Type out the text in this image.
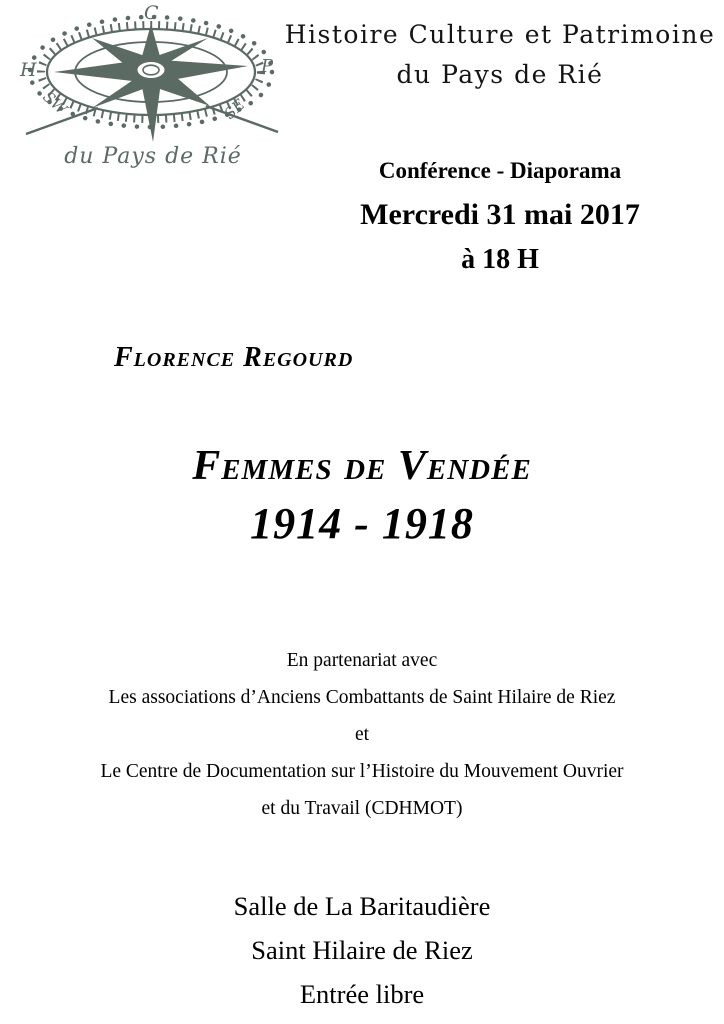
C
H	P
SW	SE
du Pays de Rié
Histoire Culture et Patrimoine
du Pays de Rié
Conférence - Diaporama
Mercredi 31 mai 2017
à 18 H
Florence Regourd
Femmes de Vendée
1914 - 1918
En partenariat avec
Les associations d’Anciens Combattants de Saint Hilaire de Riez
et
Le Centre de Documentation sur l’Histoire du Mouvement Ouvrier
et du Travail (CDHMOT)
Salle de La Baritaudière
Saint Hilaire de Riez
Entrée libre
